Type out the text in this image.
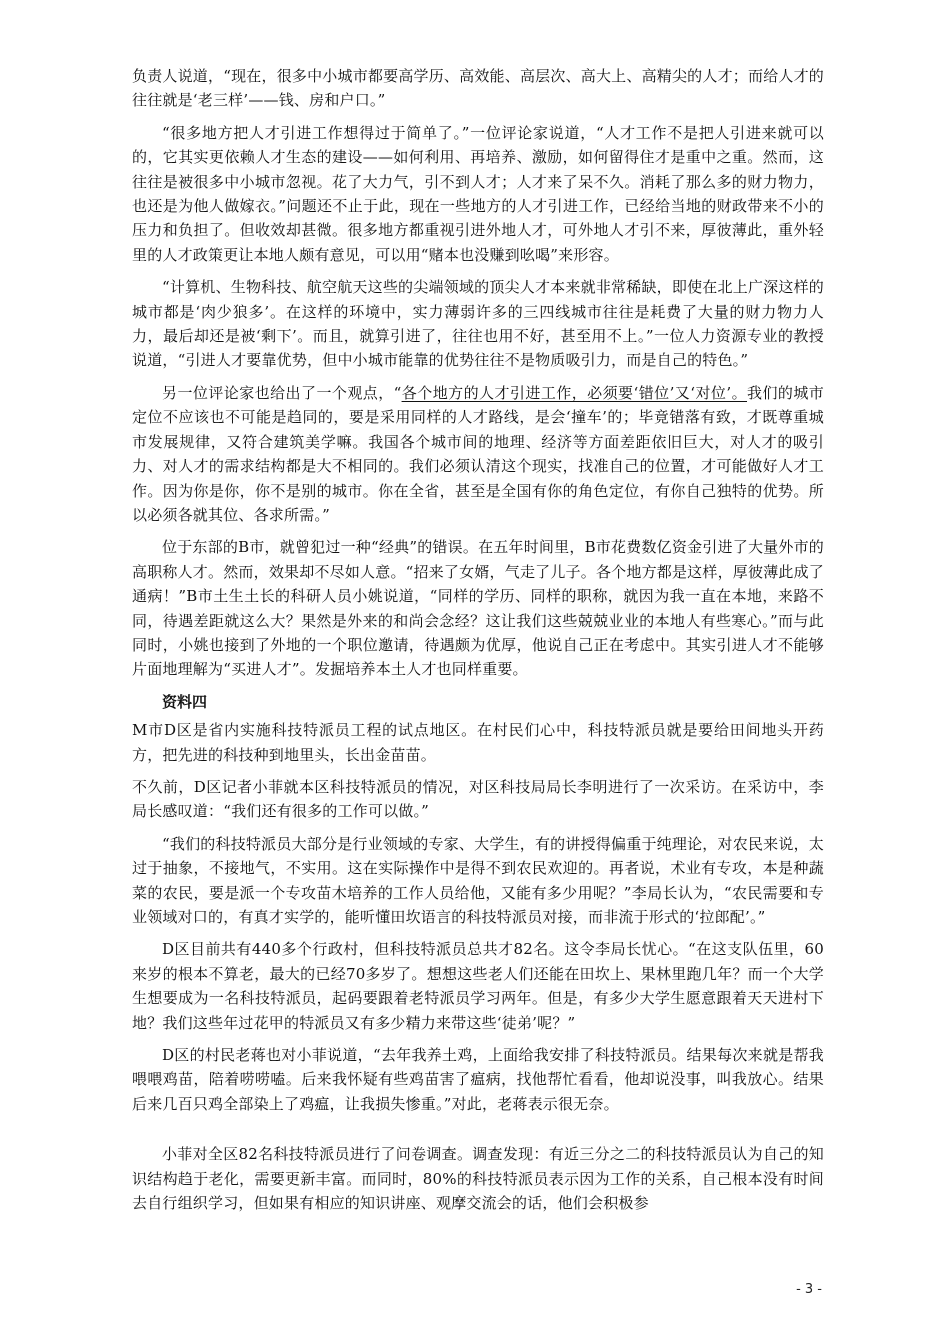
负责人说道，“现在，很多中小城市都要高学历、高效能、高层次、高大上、高精尖的人才；而给人才的往往就是‘老三样’——钱、房和户口。”

“很多地方把人才引进工作想得过于简单了。”一位评论家说道，“人才工作不是把人引进来就可以的，它其实更依赖人才生态的建设——如何利用、再培养、激励，如何留得住才是重中之重。然而，这往往是被很多中小城市忽视。花了大力气，引不到人才；人才来了呆不久。消耗了那么多的财力物力，也还是为他人做嫁衣。”问题还不止于此，现在一些地方的人才引进工作，已经给当地的财政带来不小的压力和负担了。但收效却甚微。很多地方都重视引进外地人才，可外地人才引不来，厚彼薄此，重外轻里的人才政策更让本地人颇有意见，可以用“赌本也没赚到吆喝”来形容。

“计算机、生物科技、航空航天这些的尖端领域的顶尖人才本来就非常稀缺，即使在北上广深这样的城市都是‘肉少狼多’。在这样的环境中，实力薄弱许多的三四线城市往往是耗费了大量的财力物力人力，最后却还是被‘剩下’。而且，就算引进了，往往也用不好，甚至用不上。”一位人力资源专业的教授说道，“引进人才要靠优势，但中小城市能靠的优势往往不是物质吸引力，而是自己的特色。”

另一位评论家也给出了一个观点，“各个地方的人才引进工作，必须要‘错位’又‘对位’。我们的城市定位不应该也不可能是趋同的，要是采用同样的人才路线，是会‘撞车’的；毕竟错落有致，才既尊重城市发展规律，又符合建筑美学嘛。我国各个城市间的地理、经济等方面差距依旧巨大，对人才的吸引力、对人才的需求结构都是大不相同的。我们必须认清这个现实，找准自己的位置，才可能做好人才工作。因为你是你，你不是别的城市。你在全省，甚至是全国有你的角色定位，有你自己独特的优势。所以必须各就其位、各求所需。”

位于东部的B市，就曾犯过一种“经典”的错误。在五年时间里，B市花费数亿资金引进了大量外市的高职称人才。然而，效果却不尽如人意。“招来了女婿，气走了儿子。各个地方都是这样，厚彼薄此成了通病！”B市土生土长的科研人员小姚说道，“同样的学历、同样的职称，就因为我一直在本地，来路不同，待遇差距就这么大？果然是外来的和尚会念经？这让我们这些兢兢业业的本地人有些寒心。”而与此同时，小姚也接到了外地的一个职位邀请，待遇颇为优厚，他说自己正在考虑中。其实引进人才不能够片面地理解为“买进人才”。发掘培养本土人才也同样重要。

资料四

M市D区是省内实施科技特派员工程的试点地区。在村民们心中，科技特派员就是要给田间地头开药方，把先进的科技种到地里头，长出金苗苗。

不久前，D区记者小菲就本区科技特派员的情况，对区科技局局长李明进行了一次采访。在采访中，李局长感叹道：“我们还有很多的工作可以做。”

“我们的科技特派员大部分是行业领域的专家、大学生，有的讲授得偏重于纯理论，对农民来说，太过于抽象，不接地气，不实用。这在实际操作中是得不到农民欢迎的。再者说，术业有专攻，本是种蔬菜的农民，要是派一个专攻苗木培养的工作人员给他，又能有多少用呢？”李局长认为，“农民需要和专业领域对口的，有真才实学的，能听懂田坎语言的科技特派员对接，而非流于形式的‘拉郎配’。”

D区目前共有440多个行政村，但科技特派员总共才82名。这令李局长忧心。“在这支队伍里，60来岁的根本不算老，最大的已经70多岁了。想想这些老人们还能在田坎上、果林里跑几年？而一个大学生想要成为一名科技特派员，起码要跟着老特派员学习两年。但是，有多少大学生愿意跟着天天进村下地？我们这些年过花甲的特派员又有多少精力来带这些‘徒弟’呢？”

D区的村民老蒋也对小菲说道，“去年我养土鸡，上面给我安排了科技特派员。结果每次来就是帮我喂喂鸡苗，陪着唠唠嗑。后来我怀疑有些鸡苗害了瘟病，找他帮忙看看，他却说没事，叫我放心。结果后来几百只鸡全部染上了鸡瘟，让我损失惨重。”对此，老蒋表示很无奈。

小菲对全区82名科技特派员进行了问卷调查。调查发现：有近三分之二的科技特派员认为自己的知识结构趋于老化，需要更新丰富。而同时，80%的科技特派员表示因为工作的关系，自己根本没有时间去自行组织学习，但如果有相应的知识讲座、观摩交流会的话，他们会积极参

- 3 -
